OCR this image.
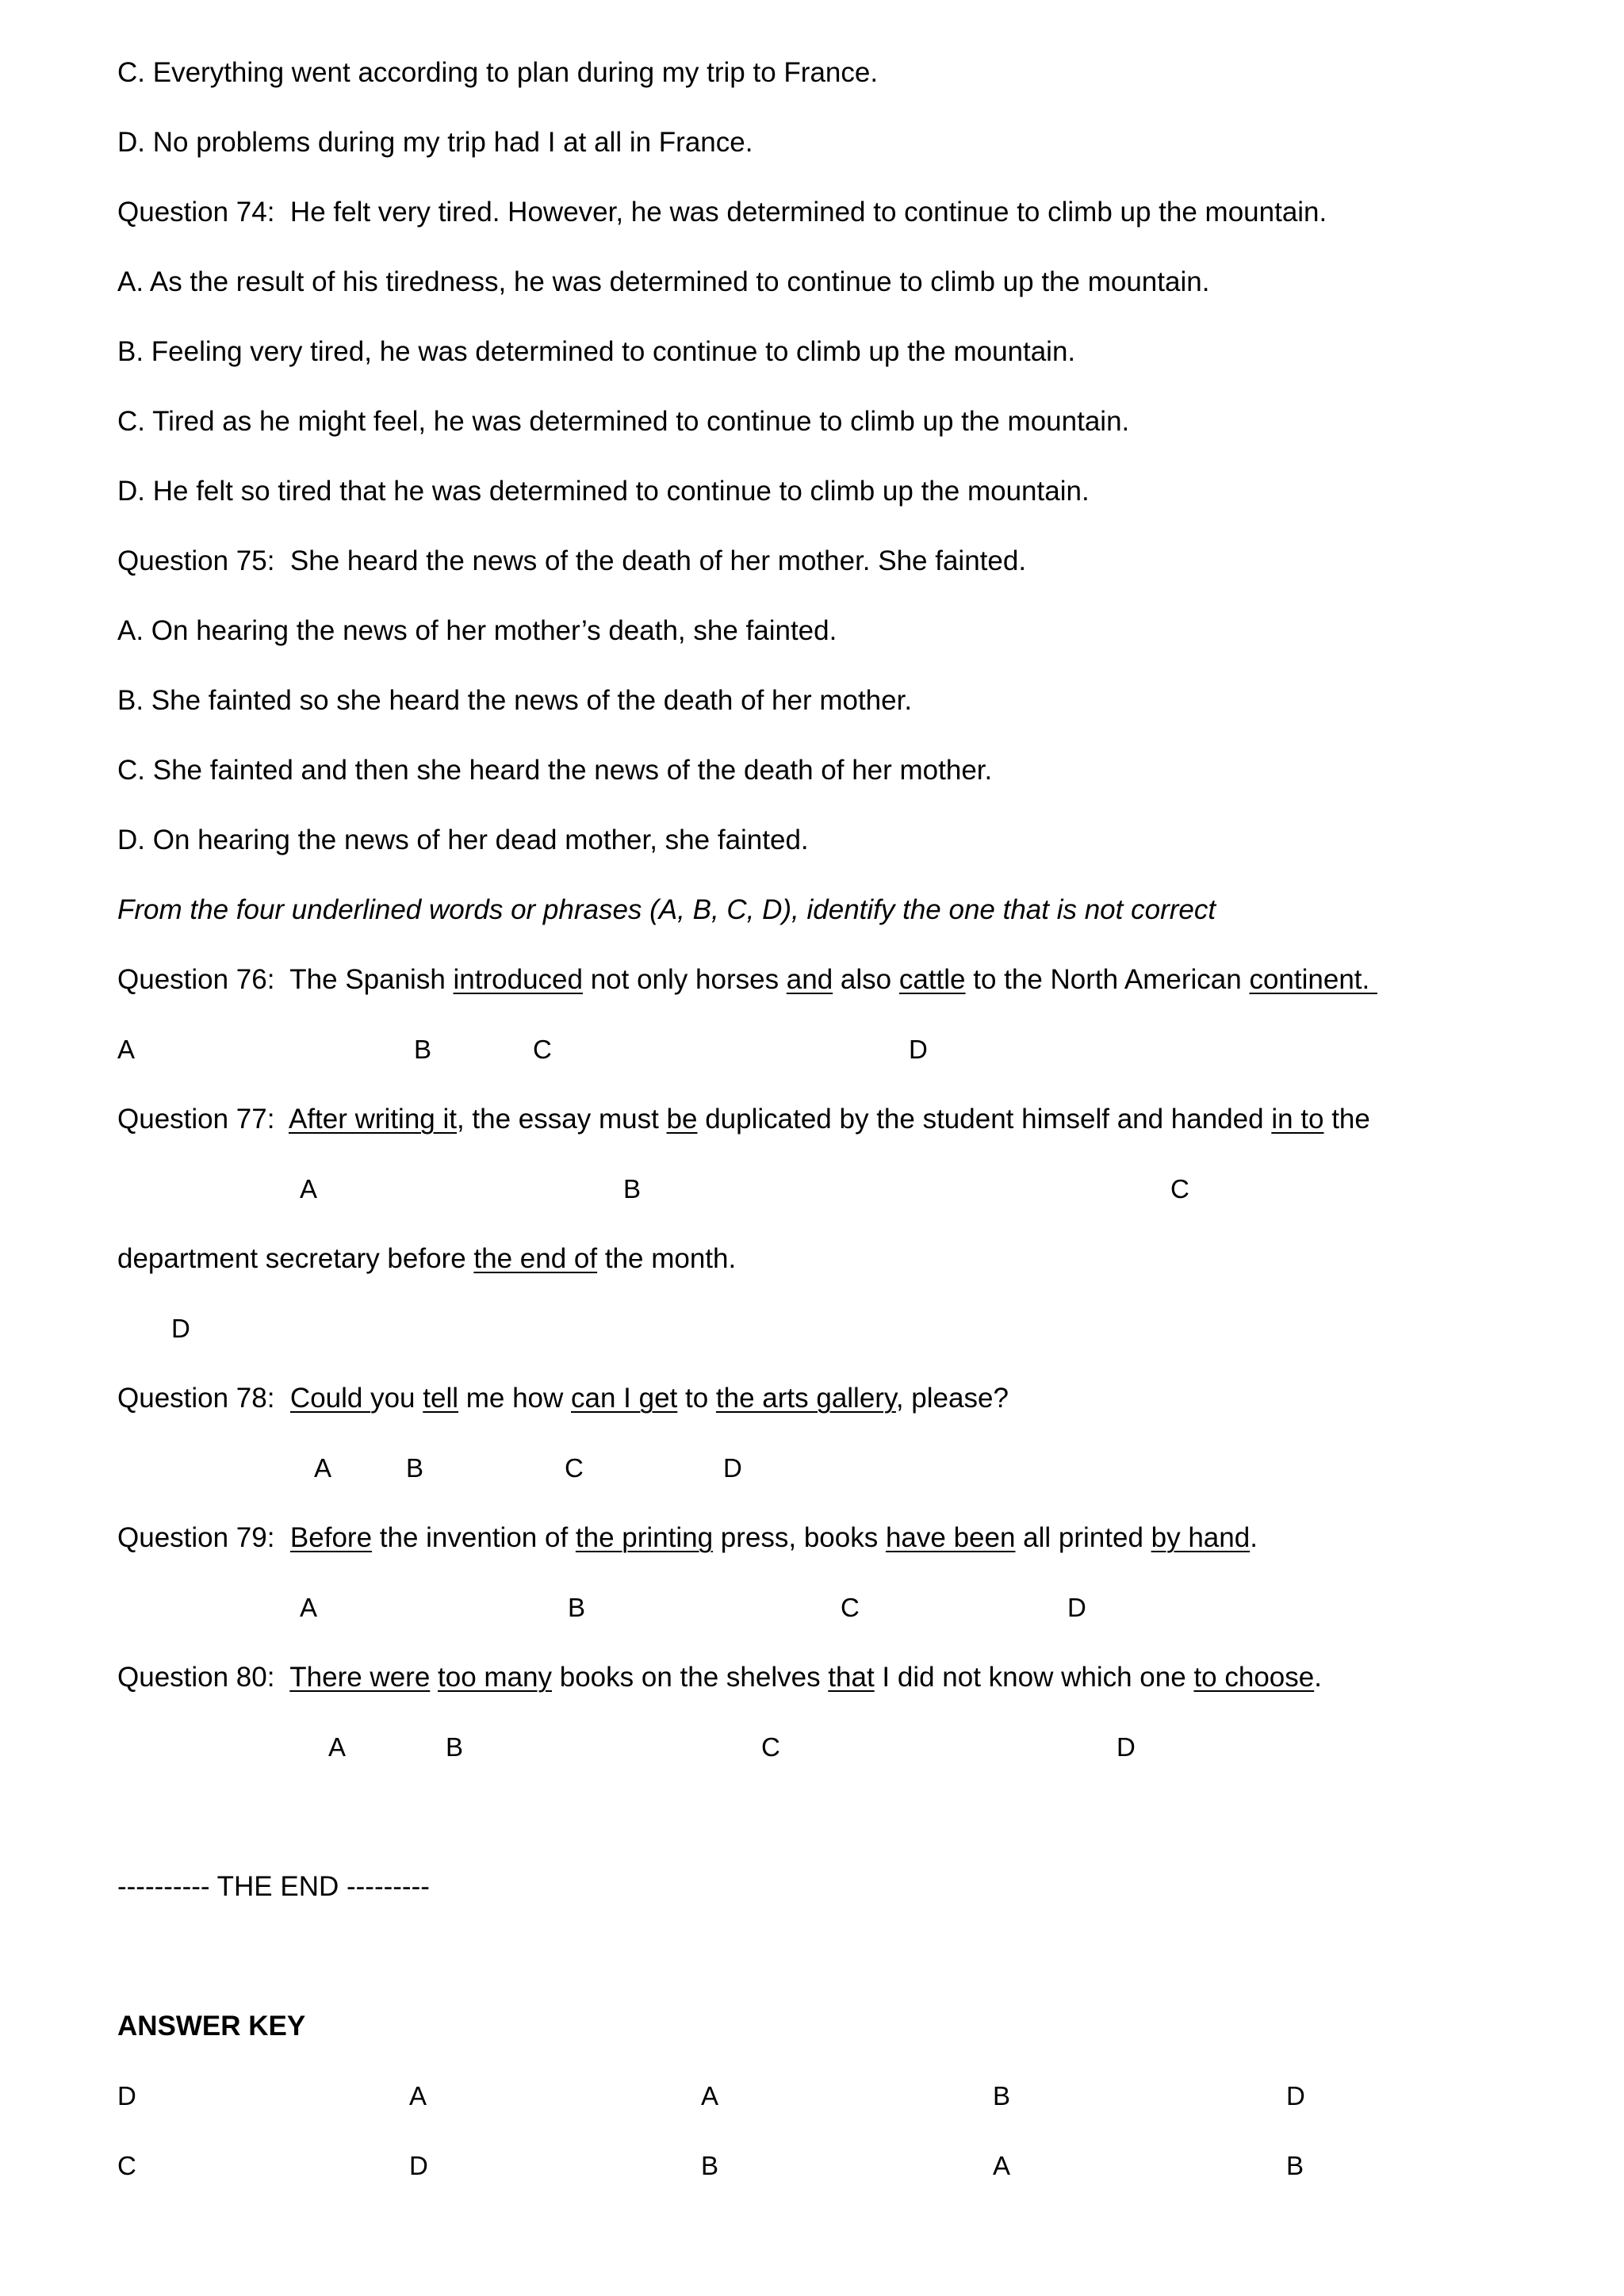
C. Everything went according to plan during my trip to France.
D. No problems during my trip had I at all in France.
Question 74:  He felt very tired. However, he was determined to continue to climb up the mountain.
A. As the result of his tiredness, he was determined to continue to climb up the mountain.
B. Feeling very tired, he was determined to continue to climb up the mountain.
C. Tired as he might feel, he was determined to continue to climb up the mountain.
D. He felt so tired that he was determined to continue to climb up the mountain.
Question 75:  She heard the news of the death of her mother. She fainted.
A. On hearing the news of her mother’s death, she fainted.
B. She fainted so she heard the news of the death of her mother.
C. She fainted and then she heard the news of the death of her mother.
D. On hearing the news of her dead mother, she fainted.
From the four underlined words or phrases (A, B, C, D), identify the one that is not correct
Question 76:  The Spanish introduced not only horses and also cattle to the North American continent.
A	B	C	D
Question 77:  After writing it, the essay must be duplicated by the student himself and handed in to the
A	B	C
department secretary before the end of the month.
D
Question 78:  Could you tell me how can I get to the arts gallery, please?
A	B	C	D
Question 79:  Before the invention of the printing press, books have been all printed by hand.
A	B	C	D
Question 80:  There were too many books on the shelves that I did not know which one to choose.
A	B	C	D
---------- THE END ---------
ANSWER KEY
D	A	A	B	D
C	D	B	A	B
